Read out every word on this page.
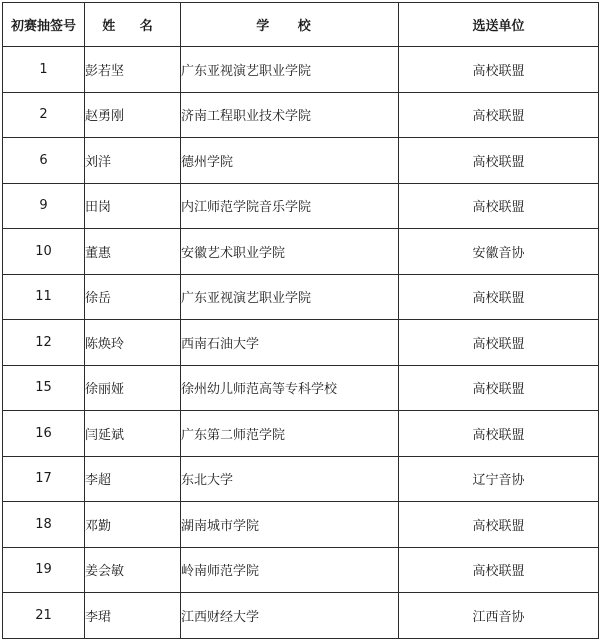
初赛抽签号	姓 名	学 校	选送单位
1	彭若坚	广东亚视演艺职业学院	高校联盟
2	赵勇刚	济南工程职业技术学院	高校联盟
6	刘洋	德州学院	高校联盟
9	田岗	内江师范学院音乐学院	高校联盟
10	董惠	安徽艺术职业学院	安徽音协
11	徐岳	广东亚视演艺职业学院	高校联盟
12	陈焕玲	西南石油大学	高校联盟
15	徐丽娅	徐州幼儿师范高等专科学校	高校联盟
16	闫延斌	广东第二师范学院	高校联盟
17	李超	东北大学	辽宁音协
18	邓勤	湖南城市学院	高校联盟
19	姜会敏	岭南师范学院	高校联盟
21	李珺	江西财经大学	江西音协
